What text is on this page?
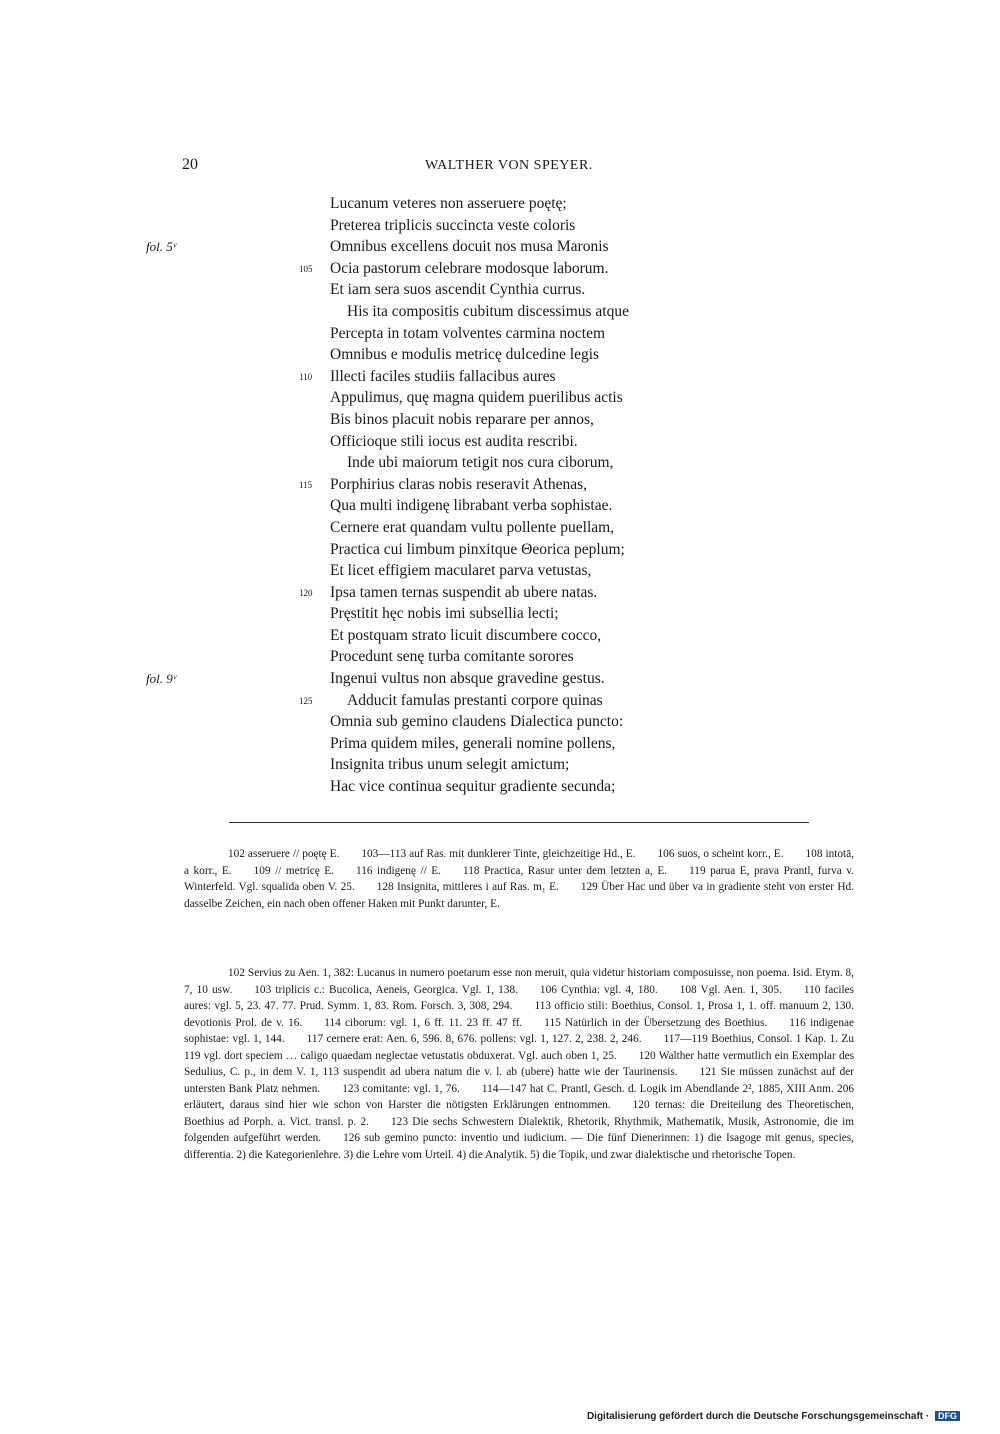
20	WALTHER VON SPEYER.
Lucanum veteres non asseruere poętę;
Preterea triplicis succincta veste coloris
fol. 5ᵛ	Omnibus excellens docuit nos musa Maronis
105 Ocia pastorum celebrare modosque laborum.
Et iam sera suos ascendit Cynthia currus.
His ita compositis cubitum discessimus atque
Percepta in totam volventes carmina noctem
Omnibus e modulis metricę dulcedine legis
110 Illecti faciles studiis fallacibus aures
Appulimus, quę magna quidem puerilibus actis
Bis binos placuit nobis reparare per annos,
Officioque stili iocus est audita rescribi.
Inde ubi maiorum tetigit nos cura ciborum,
115 Porphirius claras nobis reseravit Athenas,
Qua multi indigenę librabant verba sophistae.
Cernere erat quandam vultu pollente puellam,
Practica cui limbum pinxitque Θeorica peplum;
Et licet effigiem macularet parva vetustas,
120 Ipsa tamen ternas suspendit ab ubere natas.
Pręstitit hęc nobis imi subsellia lecti;
Et postquam strato licuit discumbere cocco,
Procedunt senę turba comitante sorores
fol. 9ᵛ	Ingenui vultus non absque gravedine gestus.
125 Adducit famulas prestanti corpore quinas
Omnia sub gemino claudens Dialectica puncto:
Prima quidem miles, generali nomine pollens,
Insignita tribus unum selegit amictum;
Hac vice continua sequitur gradiente secunda;

102 asseruere // poętę E. 103—113 auf Ras. mit dunklerer Tinte, gleichzeitige Hd., E. 106 suos, o scheint korr., E. 108 intotā, a korr., E. 109 // metricę E. 116 indigenę // E. 118 Practica, Rasur unter dem letzten a, E. 119 parua E, prava Prantl, furva v. Winterfeld. Vgl. squalida oben V. 25. 128 Insignita, mittleres i auf Ras. m₁ E. 129 Über Hac und über va in gradiente steht von erster Hd. dasselbe Zeichen, ein nach oben offener Haken mit Punkt darunter, E.

102 Servius zu Aen. 1, 382: Lucanus in numero poetarum esse non meruit, quia videtur historiam composuisse, non poema. Isid. Etym. 8, 7, 10 usw. 103 triplicis c.: Bucolica, Aeneis, Georgica. Vgl. 1, 138. 106 Cynthia: vgl. 4, 180. 108 Vgl. Aen. 1, 305. 110 faciles aures: vgl. 5, 23. 47. 77. Prud. Symm. 1, 83. Rom. Forsch. 3, 308, 294. 113 officio stili: Boethius, Consol. 1, Prosa 1, 1. off. manuum 2, 130. devotionis Prol. de v. 16. 114 ciborum: vgl. 1, 6 ff. 11. 23 ff. 47 ff. 115 Natürlich in der Übersetzung des Boethius. 116 indigenae sophistae: vgl. 1, 144. 117 cernere erat: Aen. 6, 596. 8, 676. pollens: vgl. 1, 127. 2, 238. 2, 246. 117—119 Boethius, Consol. 1 Kap. 1. Zu 119 vgl. dort speciem … caligo quaedam neglectae vetustatis obduxerat. Vgl. auch oben 1, 25. 120 Walther hatte vermutlich ein Exemplar des Sedulius, C. p., in dem V. 1, 113 suspendit ad ubera natum die v. l. ab (ubere) hatte wie der Taurinensis. 121 Sie müssen zunächst auf der untersten Bank Platz nehmen. 123 comitante: vgl. 1, 76. 114—147 hat C. Prantl, Gesch. d. Logik im Abendlande 2², 1885, XIII Anm. 206 erläutert, daraus sind hier wie schon von Harster die nötigsten Erklärungen entnommen. 120 ternas: die Dreiteilung des Theoretischen, Boethius ad Porph. a. Vict. transl. p. 2. 123 Die sechs Schwestern Dialektik, Rhetorik, Rhythmik, Mathematik, Musik, Astronomie, die im folgenden aufgeführt werden. 126 sub gemino puncto: inventio und iudicium. — Die fünf Dienerinnen: 1) die Isagoge mit genus, species, differentia. 2) die Kategorienlehre. 3) die Lehre vom Urteil. 4) die Analytik. 5) die Topik, und zwar dialektische und rhetorische Topen.

Digitalisierung gefördert durch die Deutsche Forschungsgemeinschaft · DFG
